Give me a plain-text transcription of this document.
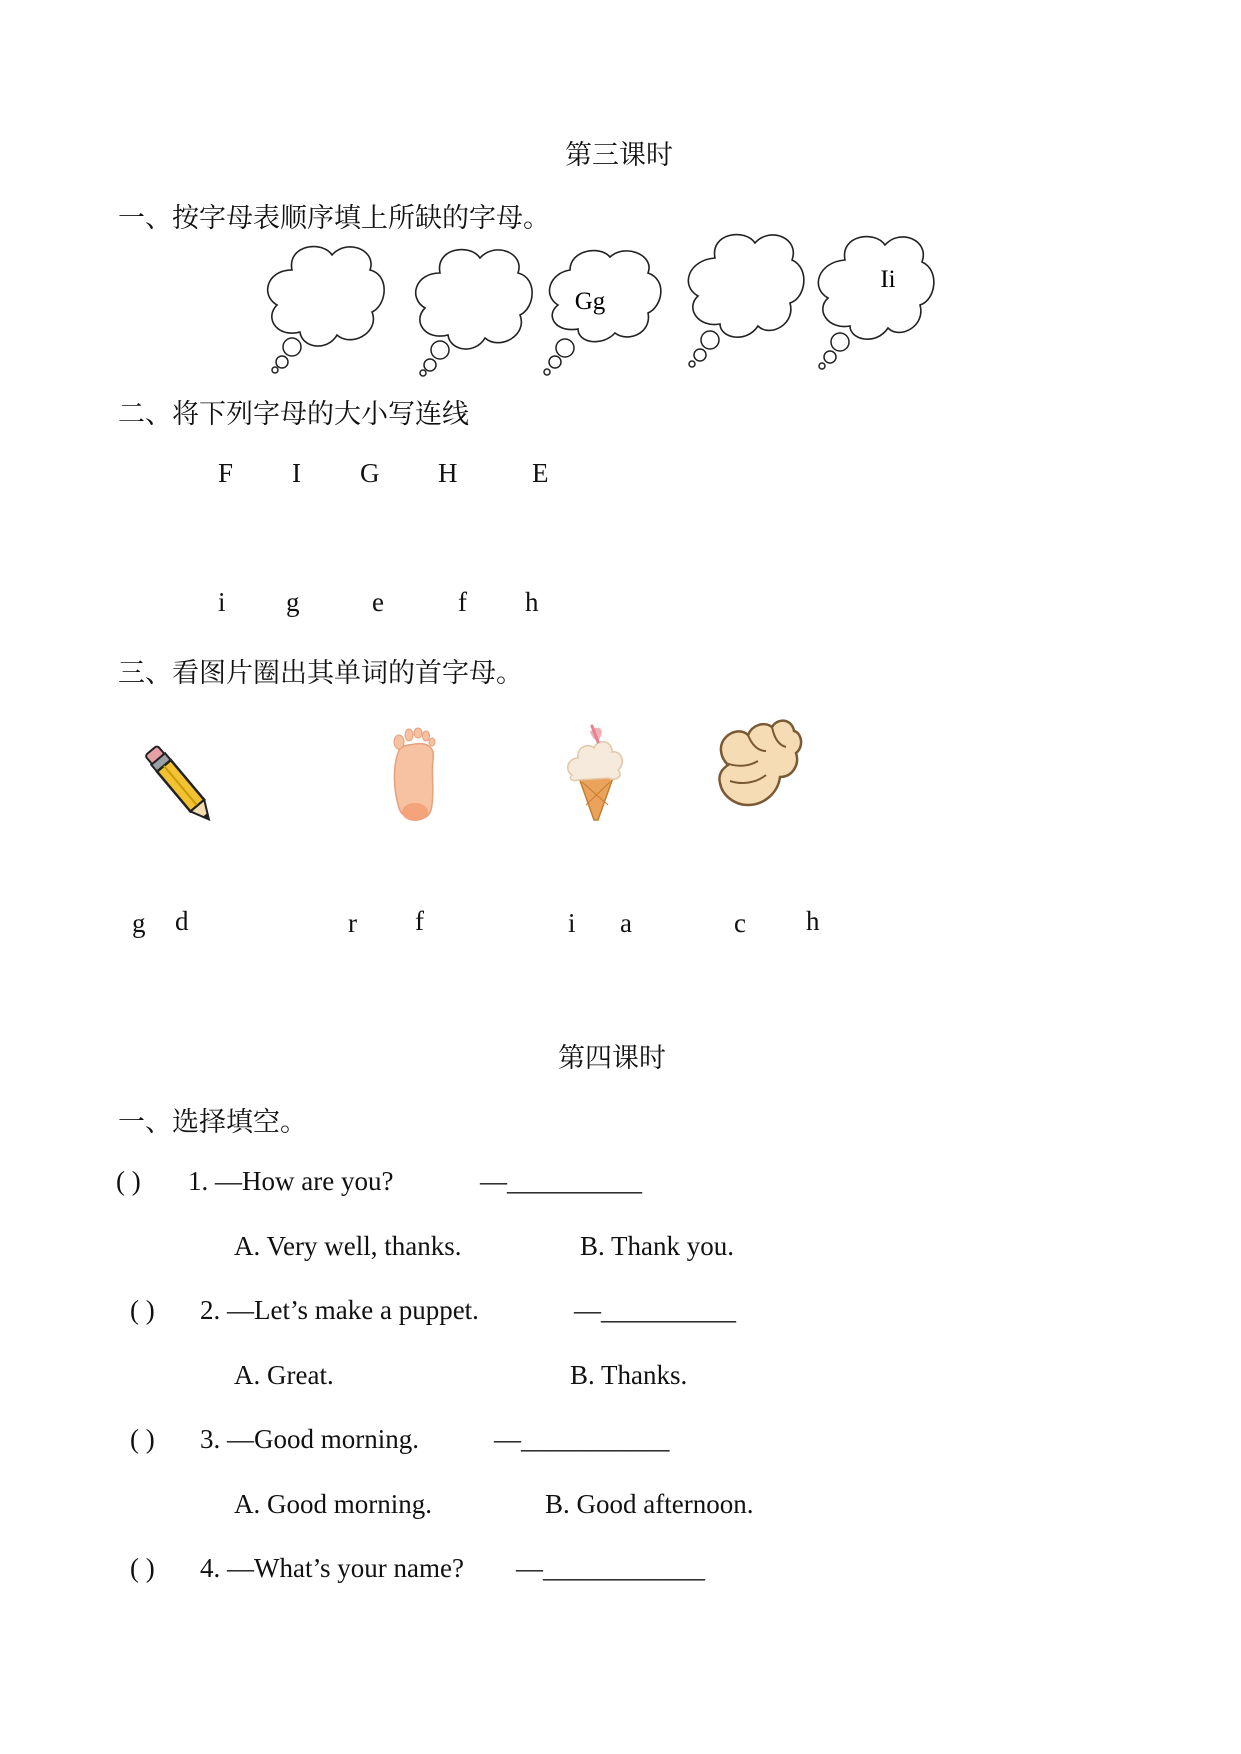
第三课时
一、按字母表顺序填上所缺的字母。
Gg
Ii
二、将下列字母的大小写连线
F I G H	E
i g	e	f h
三、看图片圈出其单词的首字母。
g d	r f	i a	c h
第四课时
一、选择填空。
( ) 1. —How are you?	—__________
A. Very well, thanks.	B. Thank you.
( ) 2. —Let’s make a puppet.	—__________
A. Great.	B. Thanks.
( ) 3. —Good morning.	—___________
A. Good morning.	B. Good afternoon.
( ) 4. —What’s your name? —____________
